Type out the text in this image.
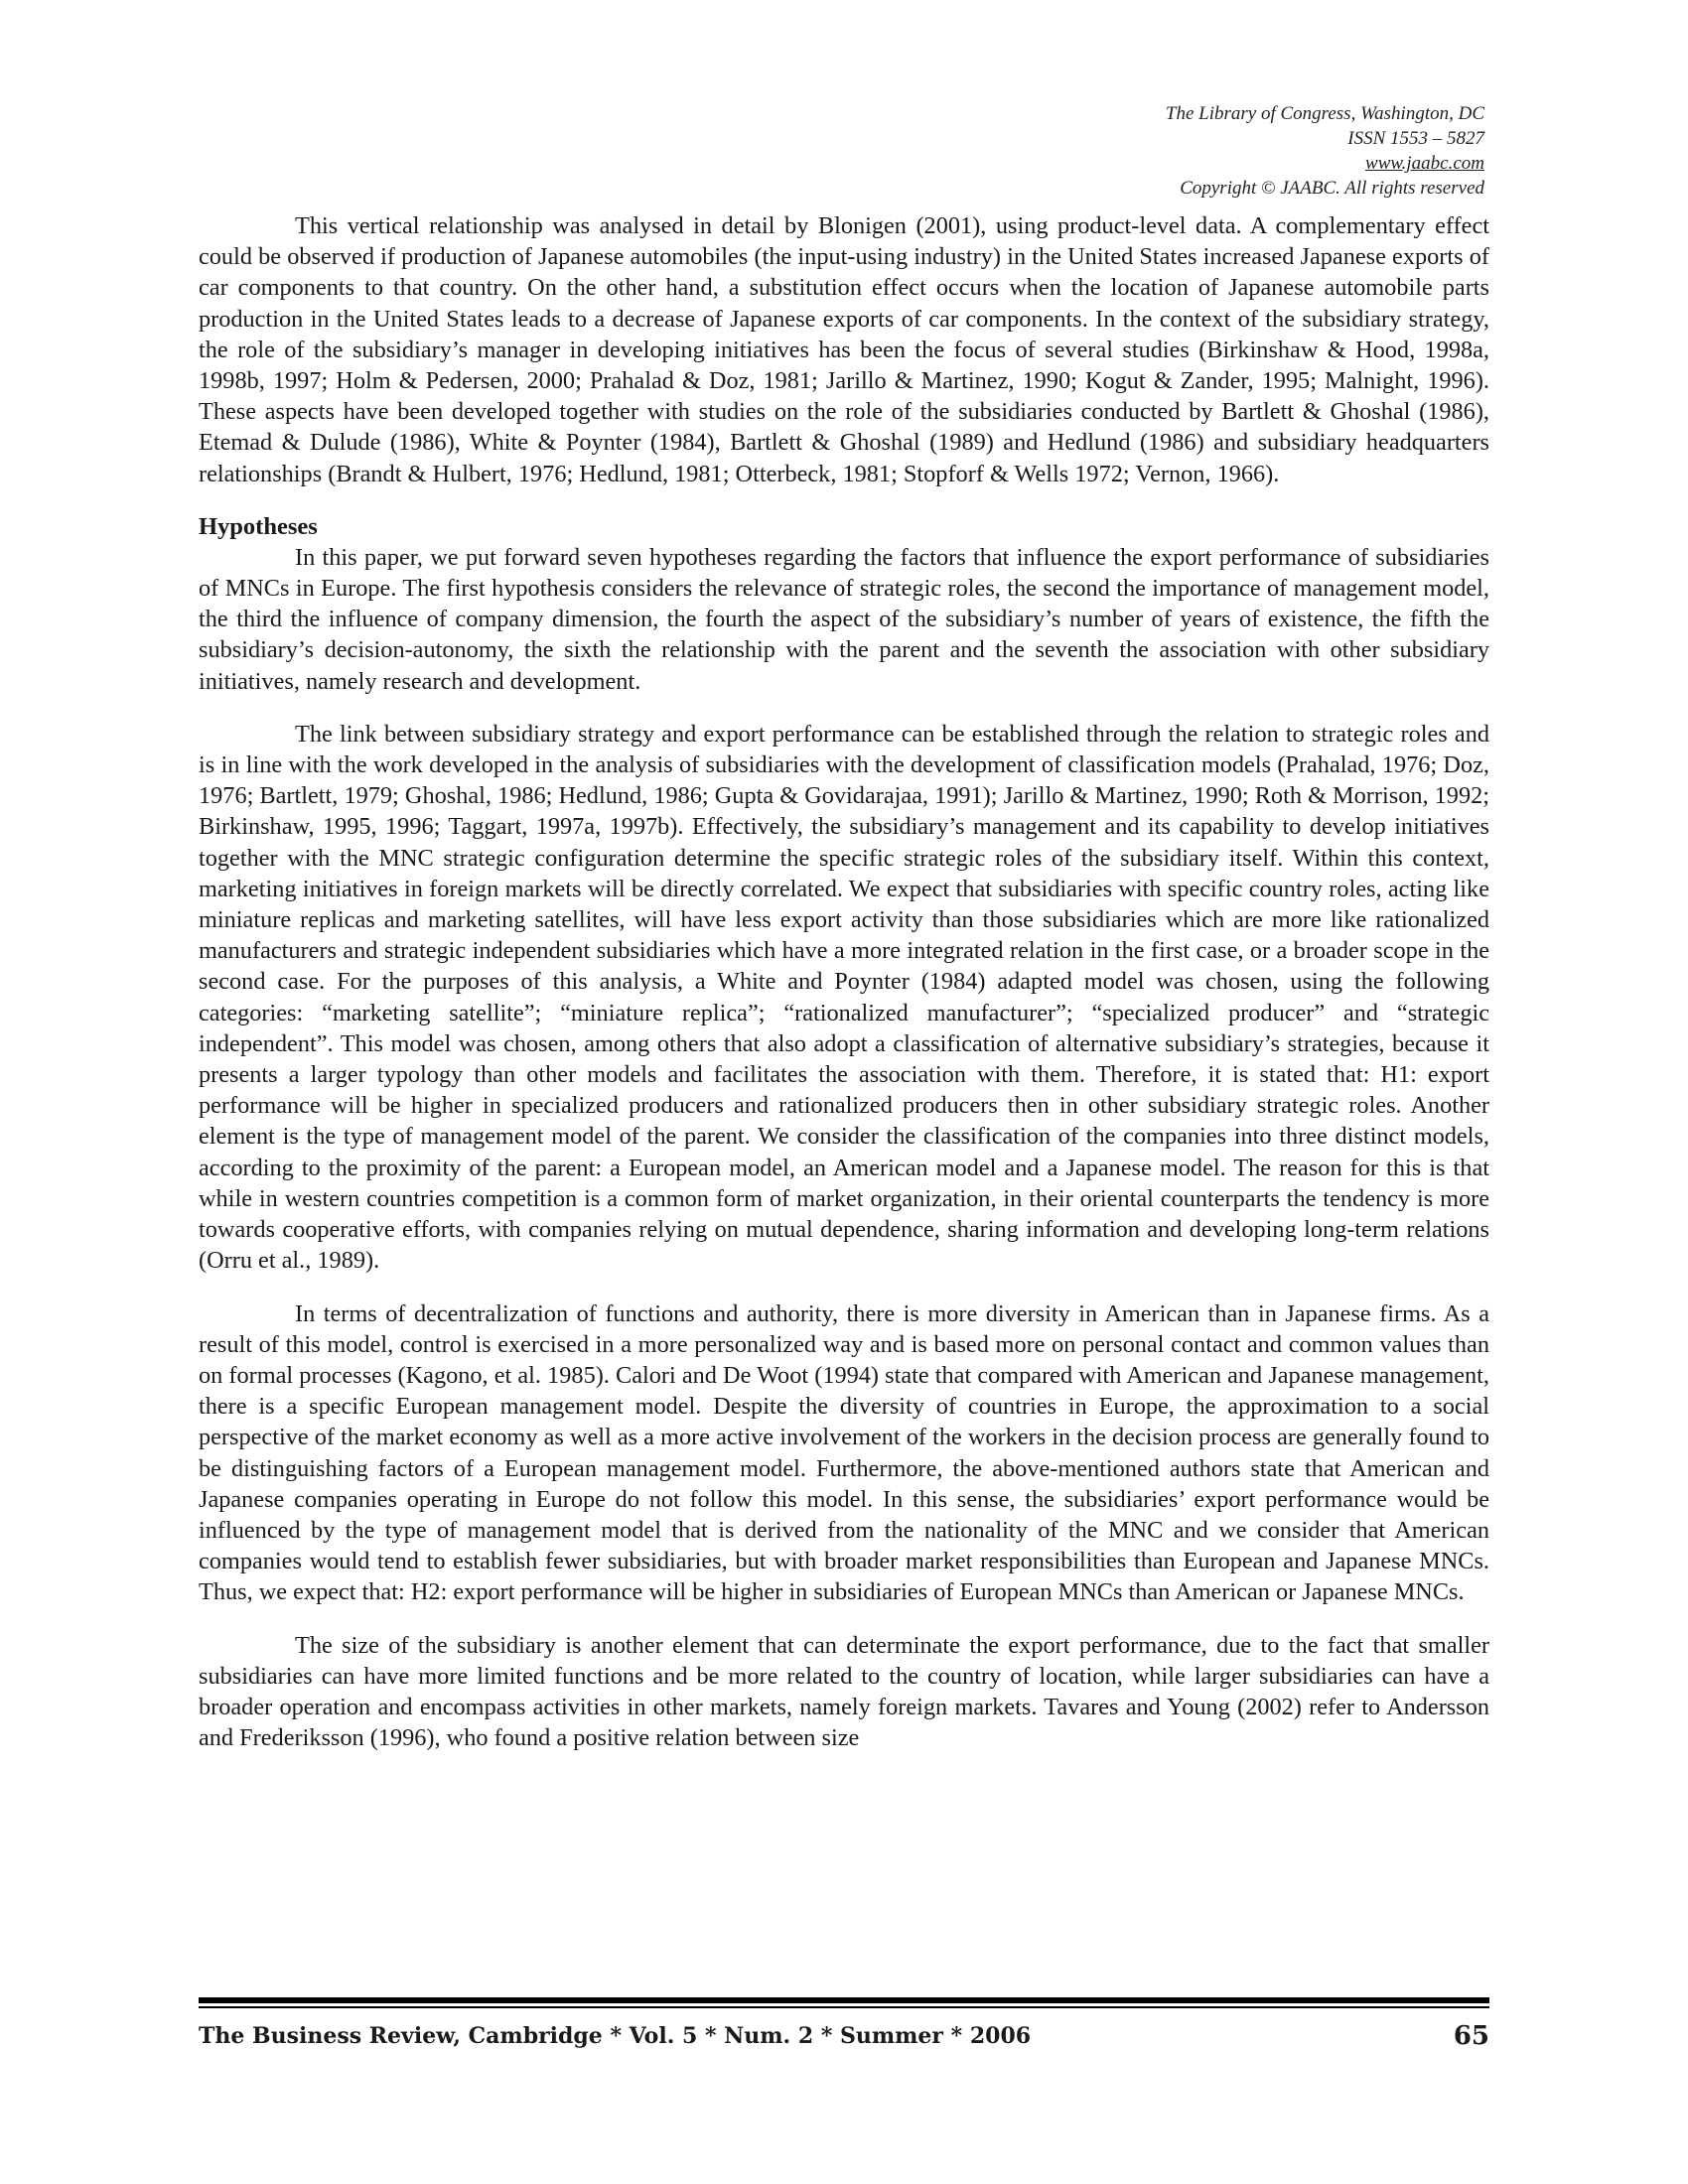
The Library of Congress, Washington, DC
ISSN 1553 – 5827
www.jaabc.com
Copyright © JAABC. All rights reserved

This vertical relationship was analysed in detail by Blonigen (2001), using product-level data. A complementary effect could be observed if production of Japanese automobiles (the input-using industry) in the United States increased Japanese exports of car components to that country. On the other hand, a substitution effect occurs when the location of Japanese automobile parts production in the United States leads to a decrease of Japanese exports of car components. In the context of the subsidiary strategy, the role of the subsidiary’s manager in developing initiatives has been the focus of several studies (Birkinshaw & Hood, 1998a, 1998b, 1997; Holm & Pedersen, 2000; Prahalad & Doz, 1981; Jarillo & Martinez, 1990; Kogut & Zander, 1995; Malnight, 1996). These aspects have been developed together with studies on the role of the subsidiaries conducted by Bartlett & Ghoshal (1986), Etemad & Dulude (1986), White & Poynter (1984), Bartlett & Ghoshal (1989) and Hedlund (1986) and subsidiary headquarters relationships (Brandt & Hulbert, 1976; Hedlund, 1981; Otterbeck, 1981; Stopforf & Wells 1972; Vernon, 1966).

Hypotheses

In this paper, we put forward seven hypotheses regarding the factors that influence the export performance of subsidiaries of MNCs in Europe. The first hypothesis considers the relevance of strategic roles, the second the importance of management model, the third the influence of company dimension, the fourth the aspect of the subsidiary’s number of years of existence, the fifth the subsidiary’s decision-autonomy, the sixth the relationship with the parent and the seventh the association with other subsidiary initiatives, namely research and development.

The link between subsidiary strategy and export performance can be established through the relation to strategic roles and is in line with the work developed in the analysis of subsidiaries with the development of classification models (Prahalad, 1976; Doz, 1976; Bartlett, 1979; Ghoshal, 1986; Hedlund, 1986; Gupta & Govidarajaa, 1991); Jarillo & Martinez, 1990; Roth & Morrison, 1992; Birkinshaw, 1995, 1996; Taggart, 1997a, 1997b). Effectively, the subsidiary’s management and its capability to develop initiatives together with the MNC strategic configuration determine the specific strategic roles of the subsidiary itself. Within this context, marketing initiatives in foreign markets will be directly correlated. We expect that subsidiaries with specific country roles, acting like miniature replicas and marketing satellites, will have less export activity than those subsidiaries which are more like rationalized manufacturers and strategic independent subsidiaries which have a more integrated relation in the first case, or a broader scope in the second case. For the purposes of this analysis, a White and Poynter (1984) adapted model was chosen, using the following categories: “marketing satellite”; “miniature replica”; “rationalized manufacturer”; “specialized producer” and “strategic independent”. This model was chosen, among others that also adopt a classification of alternative subsidiary’s strategies, because it presents a larger typology than other models and facilitates the association with them. Therefore, it is stated that: H1: export performance will be higher in specialized producers and rationalized producers then in other subsidiary strategic roles. Another element is the type of management model of the parent. We consider the classification of the companies into three distinct models, according to the proximity of the parent: a European model, an American model and a Japanese model. The reason for this is that while in western countries competition is a common form of market organization, in their oriental counterparts the tendency is more towards cooperative efforts, with companies relying on mutual dependence, sharing information and developing long-term relations (Orru et al., 1989).

In terms of decentralization of functions and authority, there is more diversity in American than in Japanese firms. As a result of this model, control is exercised in a more personalized way and is based more on personal contact and common values than on formal processes (Kagono, et al. 1985). Calori and De Woot (1994) state that compared with American and Japanese management, there is a specific European management model. Despite the diversity of countries in Europe, the approximation to a social perspective of the market economy as well as a more active involvement of the workers in the decision process are generally found to be distinguishing factors of a European management model. Furthermore, the above-mentioned authors state that American and Japanese companies operating in Europe do not follow this model. In this sense, the subsidiaries’ export performance would be influenced by the type of management model that is derived from the nationality of the MNC and we consider that American companies would tend to establish fewer subsidiaries, but with broader market responsibilities than European and Japanese MNCs. Thus, we expect that: H2: export performance will be higher in subsidiaries of European MNCs than American or Japanese MNCs.

The size of the subsidiary is another element that can determinate the export performance, due to the fact that smaller subsidiaries can have more limited functions and be more related to the country of location, while larger subsidiaries can have a broader operation and encompass activities in other markets, namely foreign markets. Tavares and Young (2002) refer to Andersson and Frederiksson (1996), who found a positive relation between size

The Business Review, Cambridge * Vol. 5 * Num. 2 * Summer * 2006	65
